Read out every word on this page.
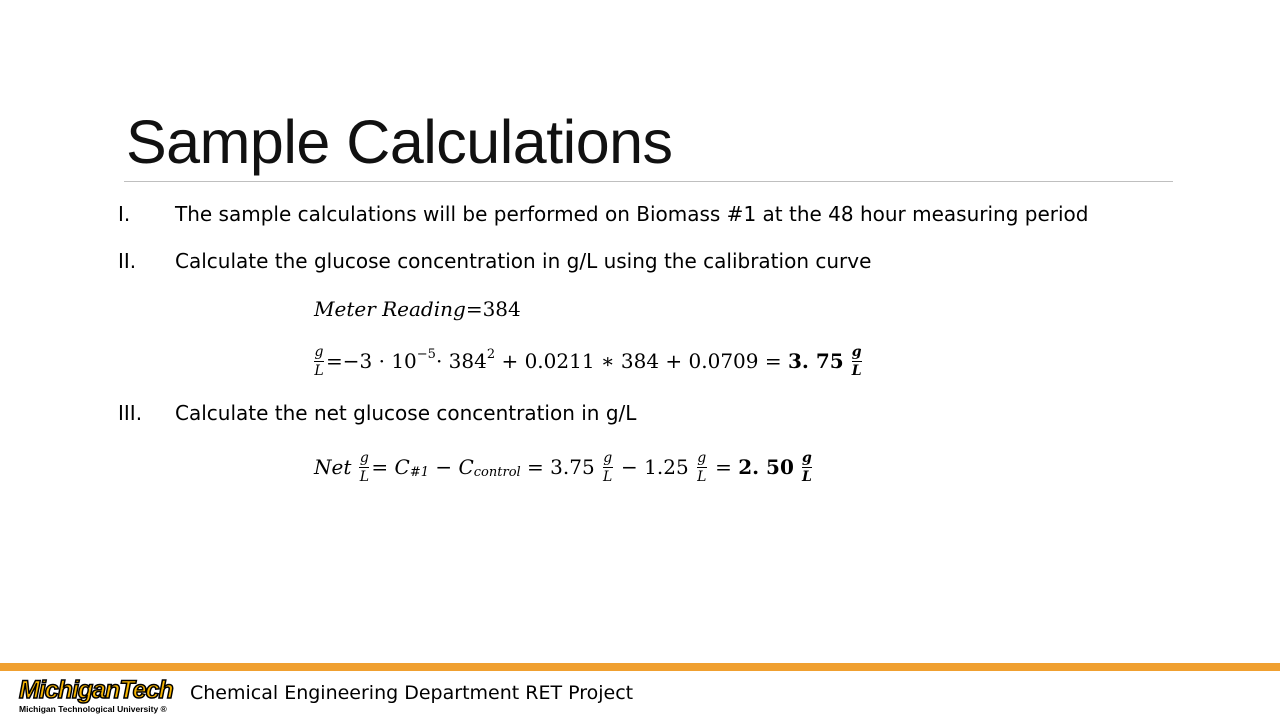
Sample Calculations
I. The sample calculations will be performed on Biomass #1 at the 48 hour measuring period
II. Calculate the glucose concentration in g/L using the calibration curve
Meter Reading = 384
$\frac{g}{L} =-3 \cdot 10^{-5} \cdot 384^2 + 0.0211$ ∗ 384 + 0.0709 = 3. $75 \frac{g}{L}$
III. Calculate the net glucose concentration in g/L
Net $\frac{g}{L} = C_{\#1} - C_{control} = 3.75 \frac{g}{L} - 1.25 \frac{g}{L} = 2$. $50 \frac{g}{L}$
MichiganTech
Michigan Technological University ®
Chemical Engineering Department RET Project
